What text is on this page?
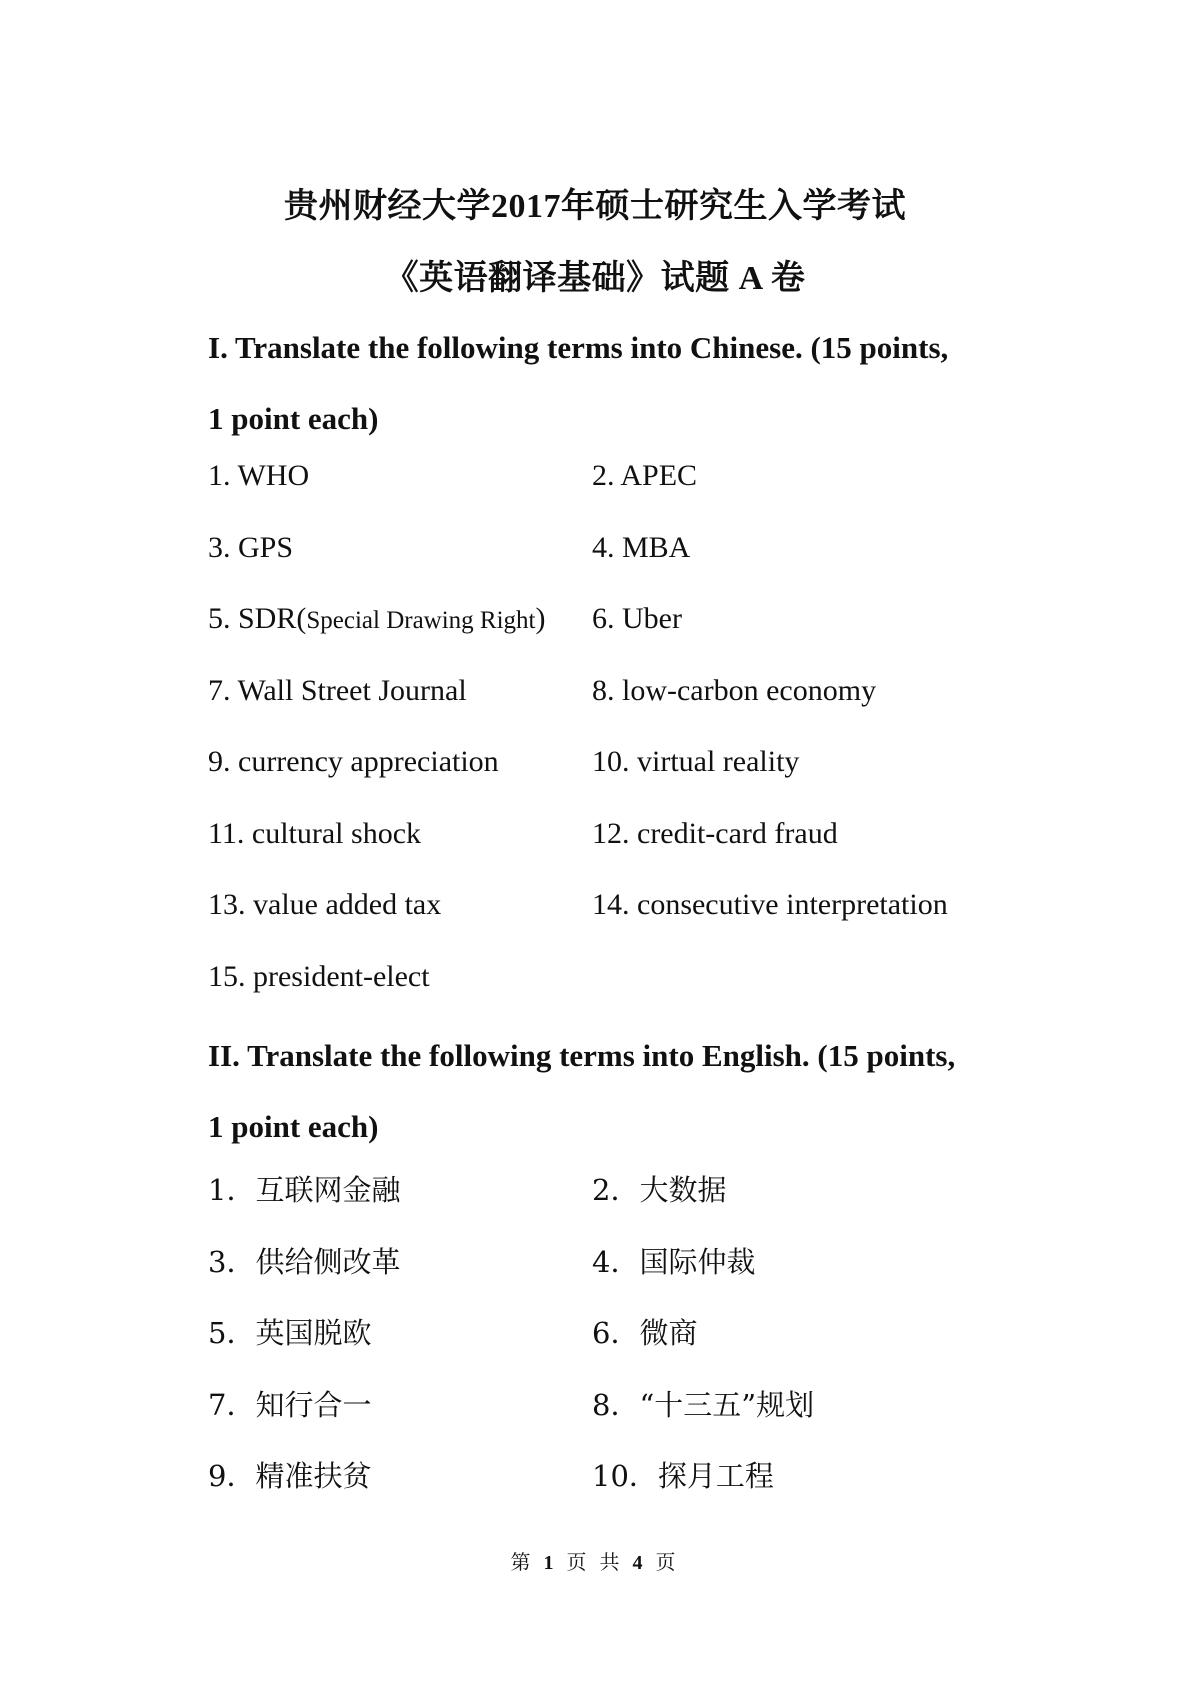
贵州财经大学2017年硕士研究生入学考试
《英语翻译基础》试题 A 卷
I. Translate the following terms into Chinese. (15 points,
1 point each)
1. WHO	2. APEC
3. GPS	4. MBA
5. SDR(Special Drawing Right)	6. Uber
7. Wall Street Journal	8. low-carbon economy
9. currency appreciation	10. virtual reality
11. cultural shock	12. credit-card fraud
13. value added tax	14. consecutive interpretation
15. president-elect
II. Translate the following terms into English. (15 points,
1 point each)
1．互联网金融	2．大数据
3．供给侧改革	4．国际仲裁
5．英国脱欧	6．微商
7．知行合一	8．“十三五”规划
9．精准扶贫	10．探月工程
第 1 页 共 4 页
